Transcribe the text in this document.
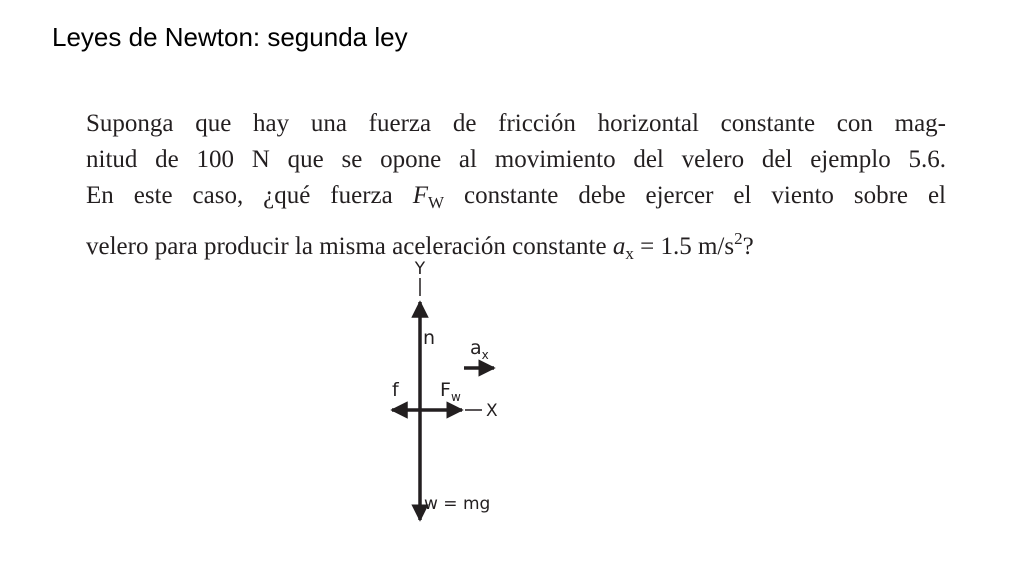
Leyes de Newton: segunda ley
Suponga que hay una fuerza de fricción horizontal constante con mag-
nitud de 100 N que se opone al movimiento del velero del ejemplo 5.6.
En este caso, ¿qué fuerza $F_W$ constante debe ejercer el viento sobre el
velero para producir la misma aceleración constante $a_x = 1.5$ $m/s^2$?
Y
n
w = mg
f $F_w$
X
$a_x$
